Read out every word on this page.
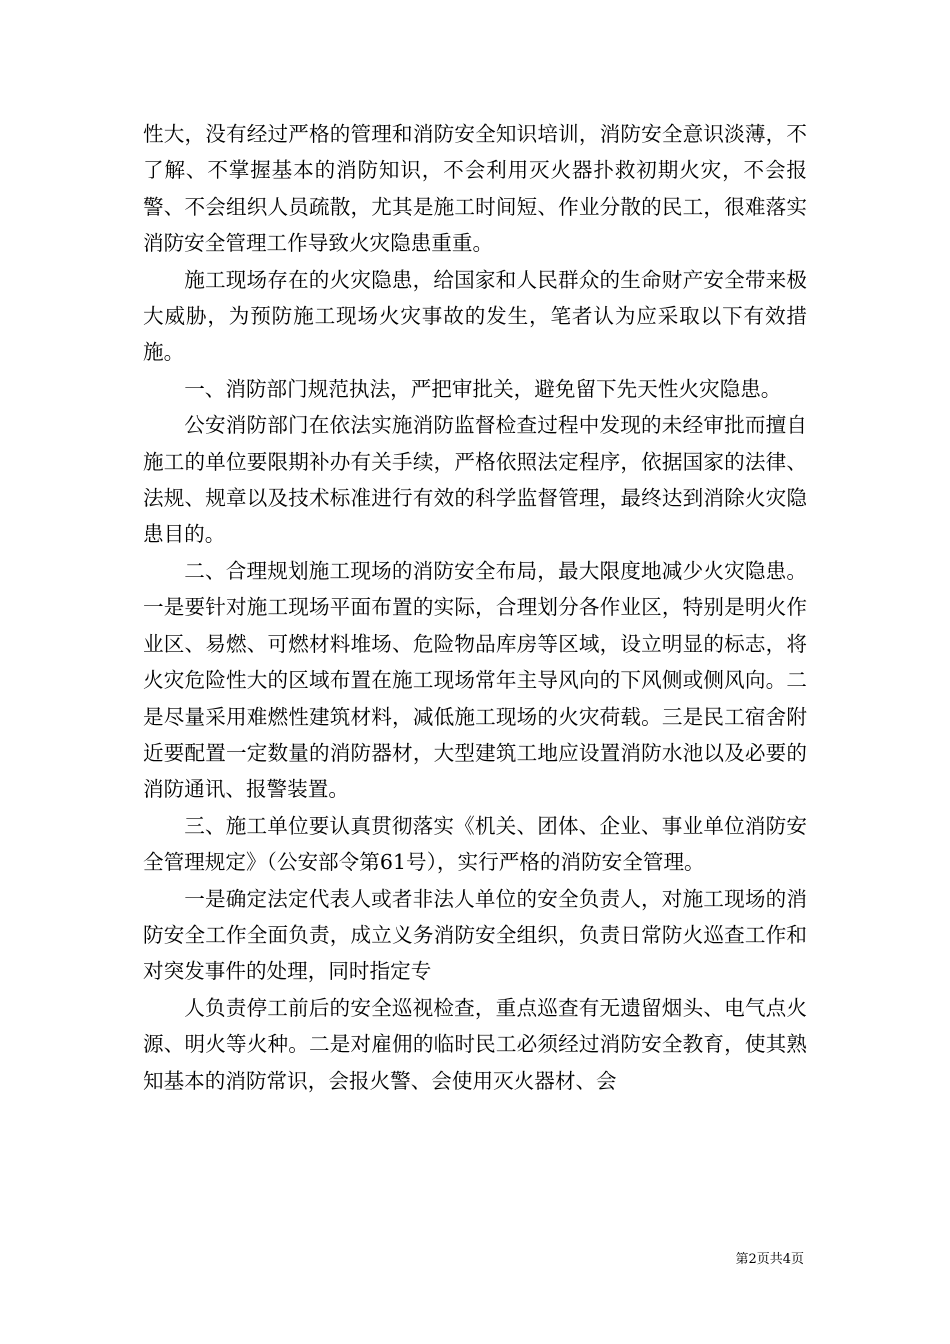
性大，没有经过严格的管理和消防安全知识培训，消防安全意识淡薄，不了解、不掌握基本的消防知识，不会利用灭火器扑救初期火灾，不会报警、不会组织人员疏散，尤其是施工时间短、作业分散的民工，很难落实消防安全管理工作导致火灾隐患重重。

施工现场存在的火灾隐患，给国家和人民群众的生命财产安全带来极大威胁，为预防施工现场火灾事故的发生，笔者认为应采取以下有效措施。

一、消防部门规范执法，严把审批关，避免留下先天性火灾隐患。

公安消防部门在依法实施消防监督检查过程中发现的未经审批而擅自施工的单位要限期补办有关手续，严格依照法定程序，依据国家的法律、法规、规章以及技术标准进行有效的科学监督管理，最终达到消除火灾隐患目的。

二、合理规划施工现场的消防安全布局，最大限度地减少火灾隐患。一是要针对施工现场平面布置的实际，合理划分各作业区，特别是明火作业区、易燃、可燃材料堆场、危险物品库房等区域，设立明显的标志，将火灾危险性大的区域布置在施工现场常年主导风向的下风侧或侧风向。二是尽量采用难燃性建筑材料，减低施工现场的火灾荷载。三是民工宿舍附近要配置一定数量的消防器材，大型建筑工地应设置消防水池以及必要的消防通讯、报警装置。

三、施工单位要认真贯彻落实《机关、团体、企业、事业单位消防安全管理规定》（公安部令第61号），实行严格的消防安全管理。

一是确定法定代表人或者非法人单位的安全负责人，对施工现场的消防安全工作全面负责，成立义务消防安全组织，负责日常防火巡查工作和对突发事件的处理，同时指定专

人负责停工前后的安全巡视检查，重点巡查有无遗留烟头、电气点火源、明火等火种。二是对雇佣的临时民工必须经过消防安全教育，使其熟知基本的消防常识，会报火警、会使用灭火器材、会

第2页共4页
